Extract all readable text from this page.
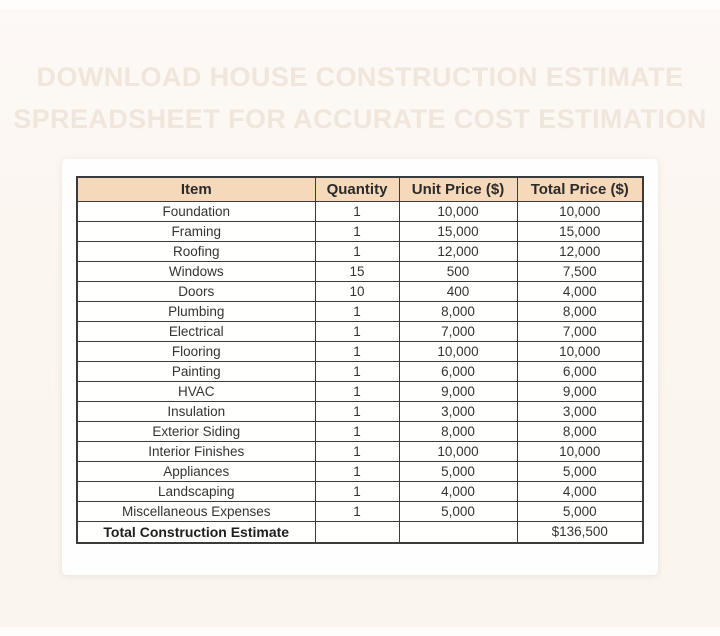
DOWNLOAD HOUSE CONSTRUCTION ESTIMATE
SPREADSHEET FOR ACCURATE COST ESTIMATION
Item	Quantity	Unit Price ($)	Total Price ($)
Foundation	1	10,000	10,000
Framing	1	15,000	15,000
Roofing	1	12,000	12,000
Windows	15	500	7,500
Doors	10	400	4,000
Plumbing	1	8,000	8,000
Electrical	1	7,000	7,000
Flooring	1	10,000	10,000
Painting	1	6,000	6,000
HVAC	1	9,000	9,000
Insulation	1	3,000	3,000
Exterior Siding	1	8,000	8,000
Interior Finishes	1	10,000	10,000
Appliances	1	5,000	5,000
Landscaping	1	4,000	4,000
Miscellaneous Expenses	1	5,000	5,000
Total Construction Estimate			$136,500
